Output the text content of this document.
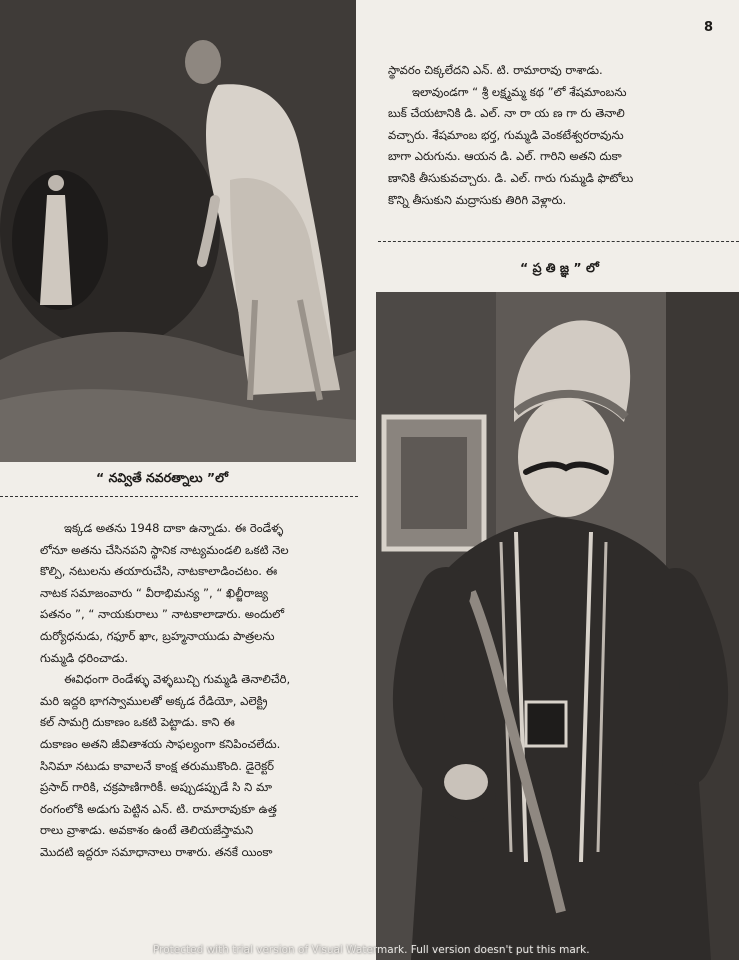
8
స్థావరం చిక్కలేదని ఎన్. టి. రామారావు రాశాడు.
ఇలావుండగా “ శ్రీ లక్ష్మమ్మ కథ ”లో శేషమాంబను
బుక్ చేయటానికి డి. ఎల్. నా రా య ణ గా రు తెనాలి
వచ్చారు. శేషమాంబ భర్త, గుమ్మడి వెంకటేశ్వరరావును
బాగా ఎరుగును. ఆయన డి. ఎల్. గారిని అతని దుకా
ణానికి తీసుకువచ్చారు. డి. ఎల్. గారు గుమ్మడి ఫొటోలు
కొన్ని తీసుకుని మద్రాసుకు తిరిగి వెళ్లారు.
“ ప్ర తి జ్ఞ ” లో
“ నవ్వితే నవరత్నాలు ”లో
ఇక్కడ అతను 1948 దాకా ఉన్నాడు. ఈ రెండేళ్ళ
లోనూ అతను చేసినపని స్థానిక నాట్యమండలి ఒకటి నెల
కొల్పి, నటులను తయారుచేసి, నాటకాలాడించటం. ఈ
నాటక సమాజంవారు “ వీరాభిమన్య ”, “ ఖిల్జీరాజ్య
పతనం ”, “ నాయకురాలు ” నాటకాలాడారు. అందులో
దుర్యోధనుడు, గఫూర్ ఖాఁ, బ్రహ్మనాయుడు పాత్రలను
గుమ్మడి ధరించాడు.
ఈవిధంగా రెండేళ్ళు వెళ్ళబుచ్చి గుమ్మడి తెనాలిచేరి,
మరి ఇద్దరి భాగస్వాములతో అక్కడ రేడియో, ఎలెక్ట్రి
కల్ సామగ్రి దుకాణం ఒకటి పెట్టాడు. కాని ఈ
దుకాణం అతని జీవితాశయ సాఫల్యంగా కనిపించలేదు.
సినిమా నటుడు కావాలనే కాంక్ష తరుముకొంది. డైరెక్టర్
ప్రసాద్ గారికి, చక్రపాణిగారికీ. అప్పుడప్పుడే సి ని మా
రంగంలోకి అడుగు పెట్టిన ఎన్. టి. రామారావుకూ ఉత్త
రాలు వ్రాశాడు. అవకాశం ఉంటే తెలియజేస్తామని
మొదటి ఇద్దరూ సమాధానాలు రాశారు. తనకే యింకా
Protected with trial version of Visual Watermark. Full version doesn't put this mark.
